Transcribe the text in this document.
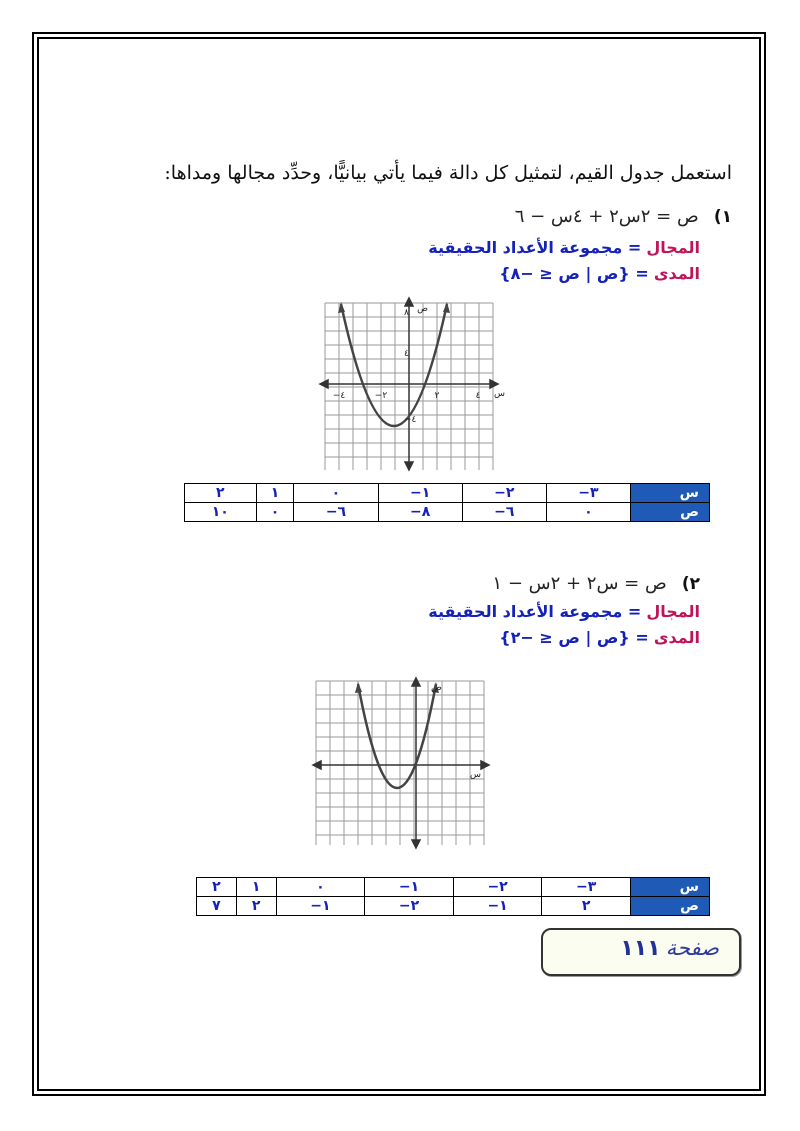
استعمل جدول القيم، لتمثيل كل دالة فيما يأتي بيانيًّا، وحدِّد مجالها ومداها:
١) ص = ٢س٢ + ٤س − ٦
المجال = مجموعة الأعداد الحقيقية
المدى = {ص | ص ≤ −٨}
ص
٨
٤
٤−
٢−	٢	٤
٤−	س
س	٣−	٢−	١−	٠	١	٢
ص	٠	٦−	٨−	٦−	٠	١٠
٢) ص = س٢ + ٢س − ١
المجال = مجموعة الأعداد الحقيقية
المدى = {ص | ص ≤ −٢}
ص
س
س	٣−	٢−	١−	٠	١	٢
ص	٢	١−	٢−	١−	٢	٧
صفحة ١١١
